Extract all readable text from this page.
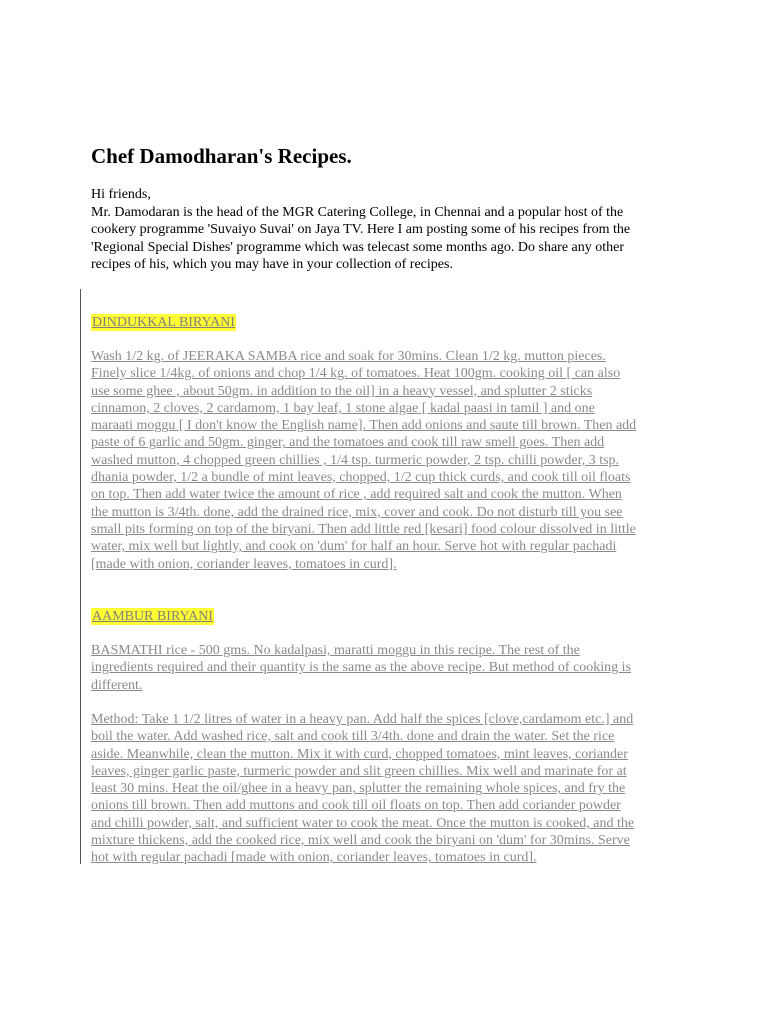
Chef Damodharan's Recipes.

Hi friends,
Mr. Damodaran is the head of the MGR Catering College, in Chennai and a popular host of the
cookery programme 'Suvaiyo Suvai' on Jaya TV. Here I am posting some of his recipes from the
'Regional Special Dishes' programme which was telecast some months ago. Do share any other
recipes of his, which you may have in your collection of recipes.

DINDUKKAL BIRYANI

Wash 1/2 kg. of JEERAKA SAMBA rice and soak for 30mins. Clean 1/2 kg. mutton pieces.
Finely slice 1/4kg. of onions and chop 1/4 kg. of tomatoes. Heat 100gm. cooking oil [ can also
use some ghee , about 50gm. in addition to the oil] in a heavy vessel, and splutter 2 sticks
cinnamon, 2 cloves, 2 cardamom, 1 bay leaf, 1 stone algae [ kadal paasi in tamil ] and one
maraati moggu [ I don't know the English name]. Then add onions and saute till brown. Then add
paste of 6 garlic and 50gm. ginger, and the tomatoes and cook till raw smell goes. Then add
washed mutton, 4 chopped green chillies , 1/4 tsp. turmeric powder, 2 tsp. chilli powder, 3 tsp.
dhania powder, 1/2 a bundle of mint leaves, chopped, 1/2 cup thick curds, and cook till oil floats
on top. Then add water twice the amount of rice , add required salt and cook the mutton. When
the mutton is 3/4th. done, add the drained rice, mix, cover and cook. Do not disturb till you see
small pits forming on top of the biryani. Then add little red [kesari] food colour dissolved in little
water, mix well but lightly, and cook on 'dum' for half an hour. Serve hot with regular pachadi
[made with onion, coriander leaves, tomatoes in curd].

AAMBUR BIRYANI

BASMATHI rice - 500 gms. No kadalpasi, maratti moggu in this recipe. The rest of the
ingredients required and their quantity is the same as the above recipe. But method of cooking is
different.

Method: Take 1 1/2 litres of water in a heavy pan. Add half the spices [clove,cardamom etc.] and
boil the water. Add washed rice, salt and cook till 3/4th. done and drain the water. Set the rice
aside. Meanwhile, clean the mutton. Mix it with curd, chopped tomatoes, mint leaves, coriander
leaves, ginger garlic paste, turmeric powder and slit green chillies. Mix well and marinate for at
least 30 mins. Heat the oil/ghee in a heavy pan, splutter the remaining whole spices, and fry the
onions till brown. Then add muttons and cook till oil floats on top. Then add coriander powder
and chilli powder, salt, and sufficient water to cook the meat. Once the mutton is cooked, and the
mixture thickens, add the cooked rice, mix well and cook the biryani on 'dum' for 30mins. Serve
hot with regular pachadi [made with onion, coriander leaves, tomatoes in curd].
